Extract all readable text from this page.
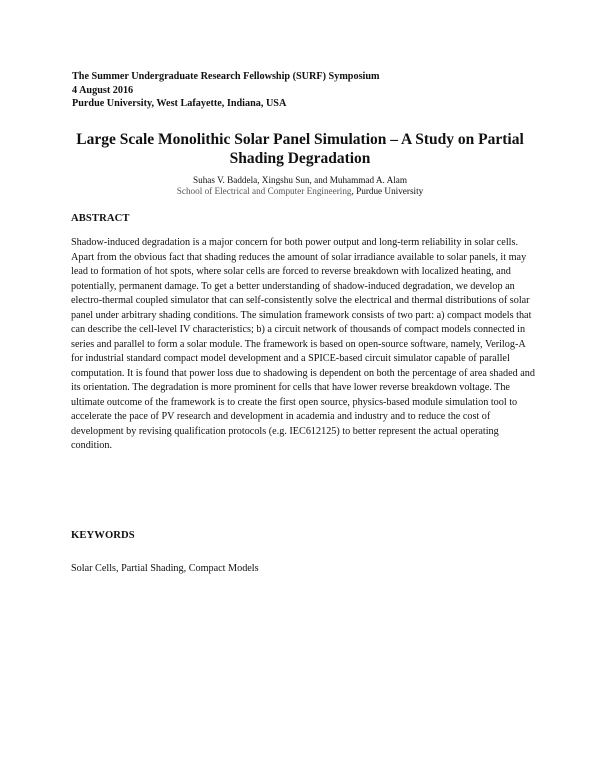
The Summer Undergraduate Research Fellowship (SURF) Symposium
4 August 2016
Purdue University, West Lafayette, Indiana, USA
Large Scale Monolithic Solar Panel Simulation – A Study on Partial Shading Degradation
Suhas V. Baddela, Xingshu Sun, and Muhammad A. Alam
School of Electrical and Computer Engineering, Purdue University
ABSTRACT
Shadow-induced degradation is a major concern for both power output and long-term reliability in solar cells. Apart from the obvious fact that shading reduces the amount of solar irradiance available to solar panels, it may lead to formation of hot spots, where solar cells are forced to reverse breakdown with localized heating, and potentially, permanent damage. To get a better understanding of shadow-induced degradation, we develop an electro-thermal coupled simulator that can self-consistently solve the electrical and thermal distributions of solar panel under arbitrary shading conditions. The simulation framework consists of two part: a) compact models that can describe the cell-level IV characteristics; b) a circuit network of thousands of compact models connected in series and parallel to form a solar module. The framework is based on open-source software, namely, Verilog-A for industrial standard compact model development and a SPICE-based circuit simulator capable of parallel computation. It is found that power loss due to shadowing is dependent on both the percentage of area shaded and its orientation. The degradation is more prominent for cells that have lower reverse breakdown voltage. The ultimate outcome of the framework is to create the first open source, physics-based module simulation tool to accelerate the pace of PV research and development in academia and industry and to reduce the cost of development by revising qualification protocols (e.g. IEC612125) to better represent the actual operating condition.
KEYWORDS
Solar Cells, Partial Shading, Compact Models
